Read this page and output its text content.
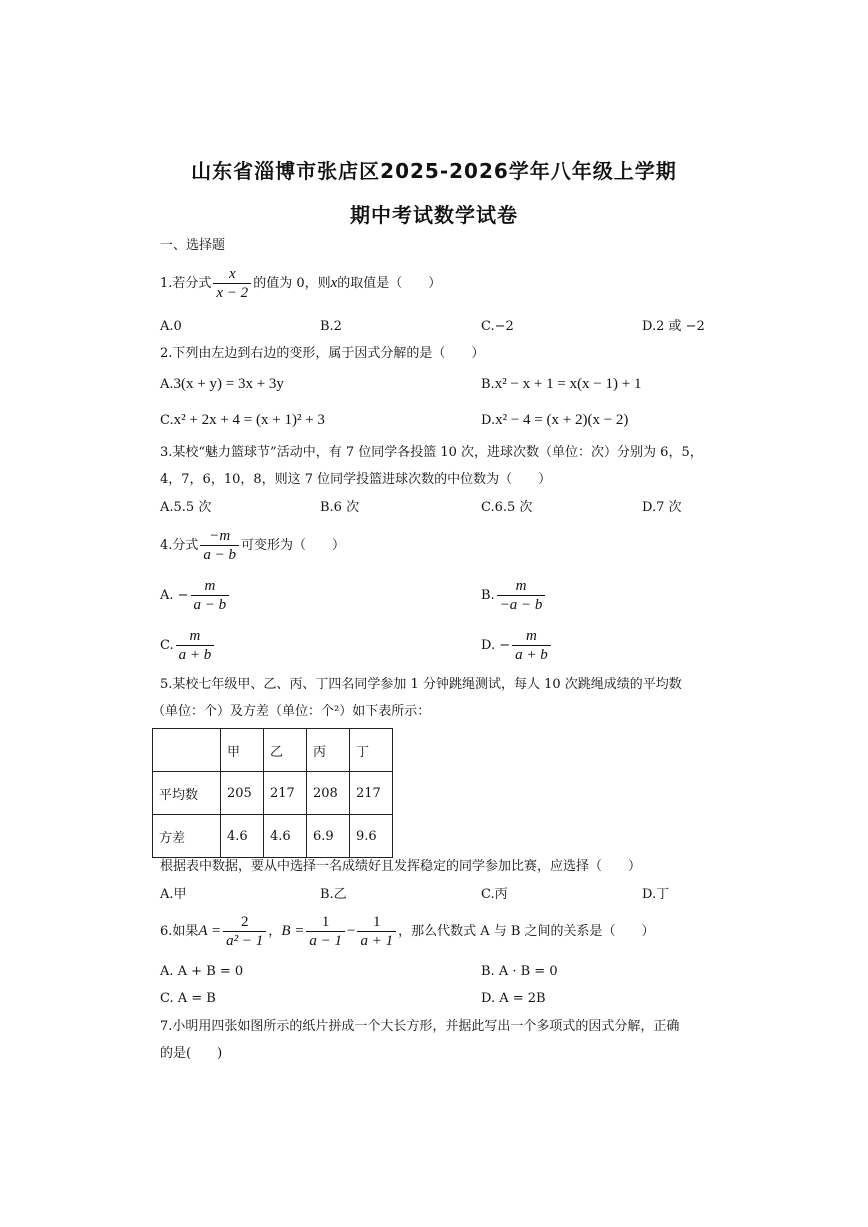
山东省淄博市张店区2025-2026学年八年级上学期
期中考试数学试卷
一、选择题
1.若分式 $\frac{x}{x - 2}$ 的值为 0，则x的取值是（　　）
A.0	B.2	C.−2	D.2 或 −2
2.下列由左边到右边的变形，属于因式分解的是（　　）
A.3(x + y) = 3x + 3y	B.x² − x + 1 = x(x − 1) + 1
C.x² + 2x + 4 = (x + 1)² + 3	D.x² − 4 = (x + 2)(x − 2)
3.某校“魅力篮球节”活动中，有 7 位同学各投篮 10 次，进球次数（单位：次）分别为 6，5，
4，7，6，10，8，则这 7 位同学投篮进球次数的中位数为（　　）
A.5.5 次	B.6 次	C.6.5 次	D.7 次
4.分式 $\frac{-m}{a - b}$ 可变形为（　　）
A. − $\frac{m}{a - b}$	B. $\frac{m}{-a - b}$
C. $\frac{m}{a + b}$	D. − $\frac{m}{a + b}$
5.某校七年级甲、乙、丙、丁四名同学参加 1 分钟跳绳测试，每人 10 次跳绳成绩的平均数
（单位：个）及方差（单位：个²）如下表所示：
	甲	乙	丙	丁
平均数	205	217	208	217
方差	4.6	4.6	6.9	9.6
根据表中数据，要从中选择一名成绩好且发挥稳定的同学参加比赛，应选择（　　）
A.甲	B.乙	C.丙	D.丁
6.如果$A = \frac{2}{\text{a² − 1}}$ ，$B = \frac{1}{a - 1} - \frac{1}{a + 1}$ ，那么代数式 A 与 B 之间的关系是（　　）
A. A + B = 0	B. A · B = 0
C. A = B	D. A = 2B
7.小明用四张如图所示的纸片拼成一个大长方形，并据此写出一个多项式的因式分解，正确
的是(　　)
